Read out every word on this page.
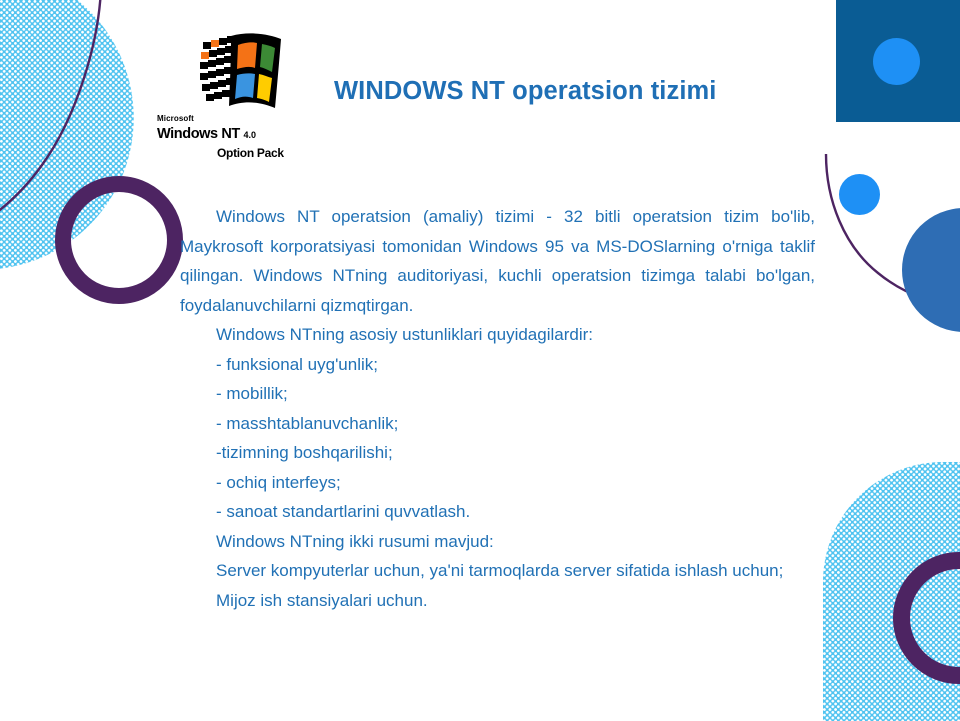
Microsoft
Windows NT 4.0
Option Pack
WINDOWS NT operatsion tizimi

Windows NT operatsion (amaliy) tizimi - 32 bitli operatsion tizim bo'lib, Maykrosoft korporatsiyasi tomonidan Windows 95 va MS-DOSlarning o'rniga taklif qilingan. Windows NTning auditoriyasi, kuchli operatsion tizimga talabi bo'lgan, foydalanuvchilarni qizmqtirgan.

Windows NTning asosiy ustunliklari quyidagilardir:

- funksional uyg'unlik;

- mobillik;

- masshtablanuvchanlik;

-tizimning boshqarilishi;

- ochiq interfeys;

- sanoat standartlarini quvvatlash.

Windows NTning ikki rusumi mavjud:

Server kompyuterlar uchun, ya'ni tarmoqlarda server sifatida ishlash uchun;

Mijoz ish stansiyalari uchun.
